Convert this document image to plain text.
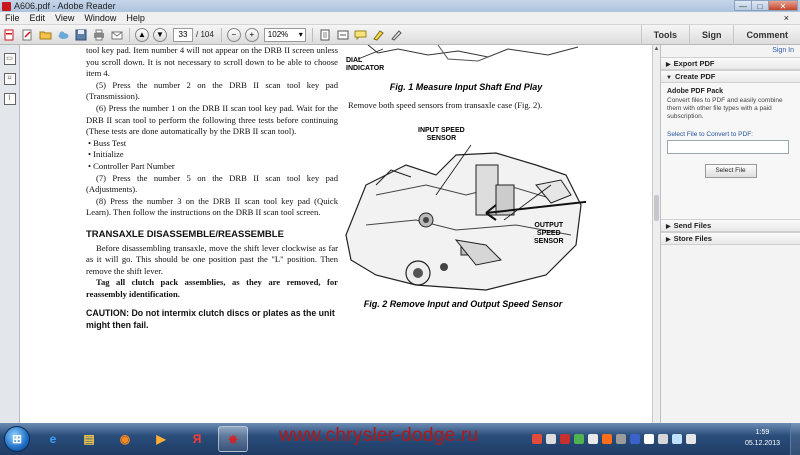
A606.pdf - Adobe Reader	—	□	✕
File	Edit	View	Window	Help	×
▲	▼	33	/ 104	−	+	102% ▾	Tools	Sign	Comment
▭
⌑
⌇

tool key pad. Item number 4 will not appear on the DRB II screen unless you scroll down. It is not necessary to scroll down to be able to choose item 4.

(5) Press the number 2 on the DRB II scan tool key pad (Transmission).

(6) Press the number 1 on the DRB II scan tool key pad. Wait for the DRB II scan tool to perform the following three tests before continuing (These tests are done automatically by the DRB II scan tool).

• Buss Test

• Initialize

• Controller Part Number

(7) Press the number 5 on the DRB II scan tool key pad (Adjustments).

(8) Press the number 3 on the DRB II scan tool key pad (Quick Learn). Then follow the instructions on the DRB II scan tool screen.

TRANSAXLE DISASSEMBLE/REASSEMBLE

Before disassembling transaxle, move the shift lever clockwise as far as it will go. This should be one position past the "L" position. Then remove the shift lever.

Tag all clutch pack assemblies, as they are removed, for reassembly identification.

CAUTION: Do not intermix clutch discs or plates as the unit might then fail.

DIAL
INDICATOR
Fig. 1 Measure Input Shaft End Play
Remove both speed sensors from transaxle case (Fig. 2).
INPUT SPEED
SENSOR
OUTPUT
SPEED
SENSOR
Fig. 2 Remove Input and Output Speed Sensor
▲	Sign In
▶ Export PDF
▼ Create PDF
Adobe PDF Pack
Convert files to PDF and easily combine them with other file types with a paid subscription.
Select File to Convert to PDF:
Select File
▶ Send Files
▶ Store Files
⊞	e	▤	◉	▶	Я	⎈	1:59
05.12.2013
www.chrysler-dodge.ru
